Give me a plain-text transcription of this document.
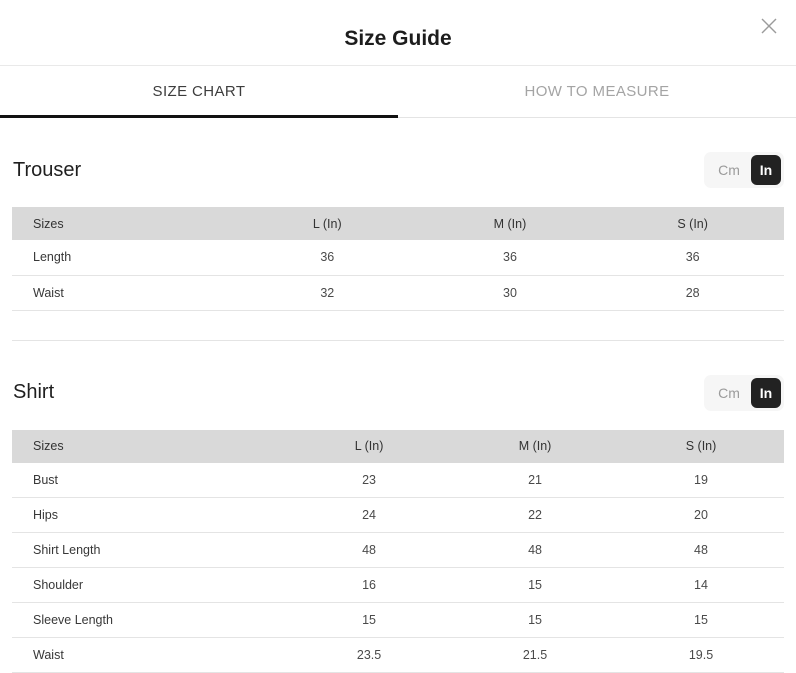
Size Guide
SIZE CHART	HOW TO MEASURE
Trouser	Cm	In
Sizes	L (In)	M (In)	S (In)
Length	36	36	36
Waist	32	30	28

Shirt	Cm	In
Sizes	L (In)	M (In)	S (In)
Bust	23	21	19
Hips	24	22	20
Shirt Length	48	48	48
Shoulder	16	15	14
Sleeve Length	15	15	15
Waist	23.5	21.5	19.5
